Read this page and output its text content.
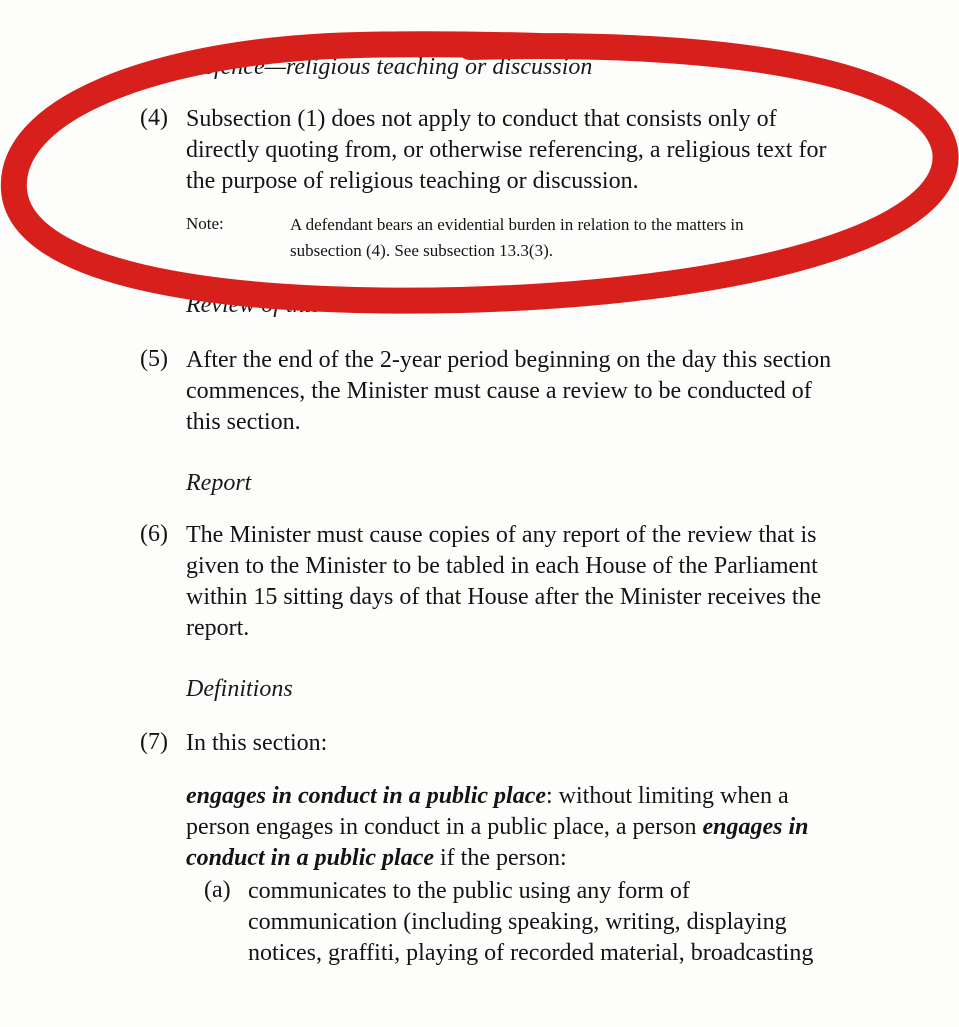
Defence—religious teaching or discussion
(4) Subsection (1) does not apply to conduct that consists only of
directly quoting from, or otherwise referencing, a religious text for
the purpose of religious teaching or discussion.
Note:	A defendant bears an evidential burden in relation to the matters in
subsection (4). See subsection 13.3(3).
Review of this section
(5) After the end of the 2-year period beginning on the day this section
commences, the Minister must cause a review to be conducted of
this section.
Report
(6) The Minister must cause copies of any report of the review that is
given to the Minister to be tabled in each House of the Parliament
within 15 sitting days of that House after the Minister receives the
report.
Definitions
(7) In this section:
engages in conduct in a public place: without limiting when a
person engages in conduct in a public place, a person engages in
conduct in a public place if the person:
(a) communicates to the public using any form of
communication (including speaking, writing, displaying
notices, graffiti, playing of recorded material, broadcasting
